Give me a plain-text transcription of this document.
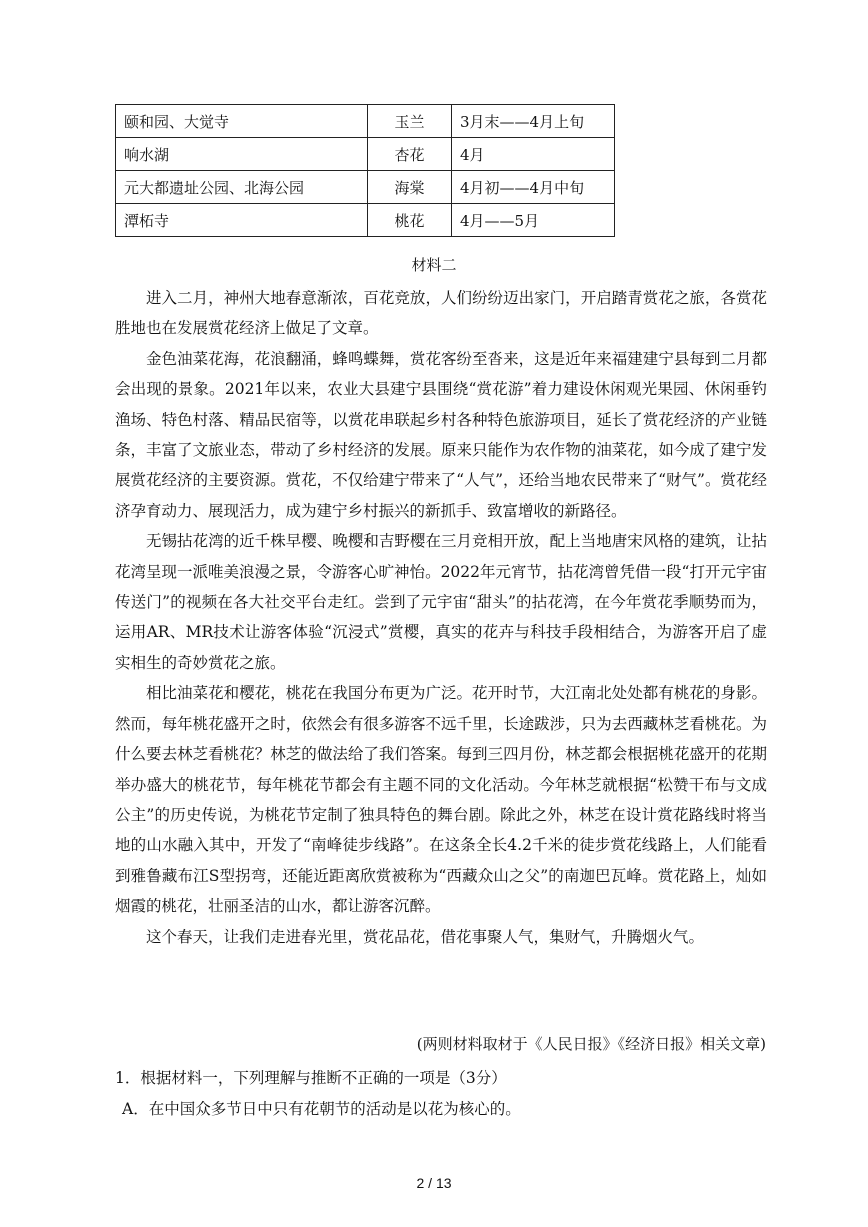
颐和园、大觉寺	玉兰	3月末——4月上旬
响水湖	杏花	4月
元大都遗址公园、北海公园	海棠	4月初——4月中旬
潭柘寺	桃花	4月——5月
材料二

进入二月，神州大地春意渐浓，百花竞放，人们纷纷迈出家门，开启踏青赏花之旅，各赏花胜地也在发展赏花经济上做足了文章。

金色油菜花海，花浪翻涌，蜂鸣蝶舞，赏花客纷至沓来，这是近年来福建建宁县每到二月都会出现的景象。2021年以来，农业大县建宁县围绕“赏花游”着力建设休闲观光果园、休闲垂钓渔场、特色村落、精品民宿等，以赏花串联起乡村各种特色旅游项目，延长了赏花经济的产业链条，丰富了文旅业态，带动了乡村经济的发展。原来只能作为农作物的油菜花，如今成了建宁发展赏花经济的主要资源。赏花，不仅给建宁带来了“人气”，还给当地农民带来了“财气”。赏花经济孕育动力、展现活力，成为建宁乡村振兴的新抓手、致富增收的新路径。

无锡拈花湾的近千株早樱、晚樱和吉野樱在三月竞相开放，配上当地唐宋风格的建筑，让拈花湾呈现一派唯美浪漫之景，令游客心旷神怡。2022年元宵节，拈花湾曾凭借一段“打开元宇宙传送门”的视频在各大社交平台走红。尝到了元宇宙“甜头”的拈花湾，在今年赏花季顺势而为，运用AR、MR技术让游客体验“沉浸式”赏樱，真实的花卉与科技手段相结合，为游客开启了虚实相生的奇妙赏花之旅。

相比油菜花和樱花，桃花在我国分布更为广泛。花开时节，大江南北处处都有桃花的身影。然而，每年桃花盛开之时，依然会有很多游客不远千里，长途跋涉，只为去西藏林芝看桃花。为什么要去林芝看桃花？林芝的做法给了我们答案。每到三四月份，林芝都会根据桃花盛开的花期举办盛大的桃花节，每年桃花节都会有主题不同的文化活动。今年林芝就根据“松赞干布与文成公主”的历史传说，为桃花节定制了独具特色的舞台剧。除此之外，林芝在设计赏花路线时将当地的山水融入其中，开发了“南峰徒步线路”。在这条全长4.2千米的徒步赏花线路上，人们能看到雅鲁藏布江S型拐弯，还能近距离欣赏被称为“西藏众山之父”的南迦巴瓦峰。赏花路上，灿如烟霞的桃花，壮丽圣洁的山水，都让游客沉醉。

这个春天，让我们走进春光里，赏花品花，借花事聚人气，集财气，升腾烟火气。

(两则材料取材于《人民日报》《经济日报》相关文章)
1．根据材料一，下列理解与推断不正确的一项是（3分）
A．在中国众多节日中只有花朝节的活动是以花为核心的。
2 / 13
